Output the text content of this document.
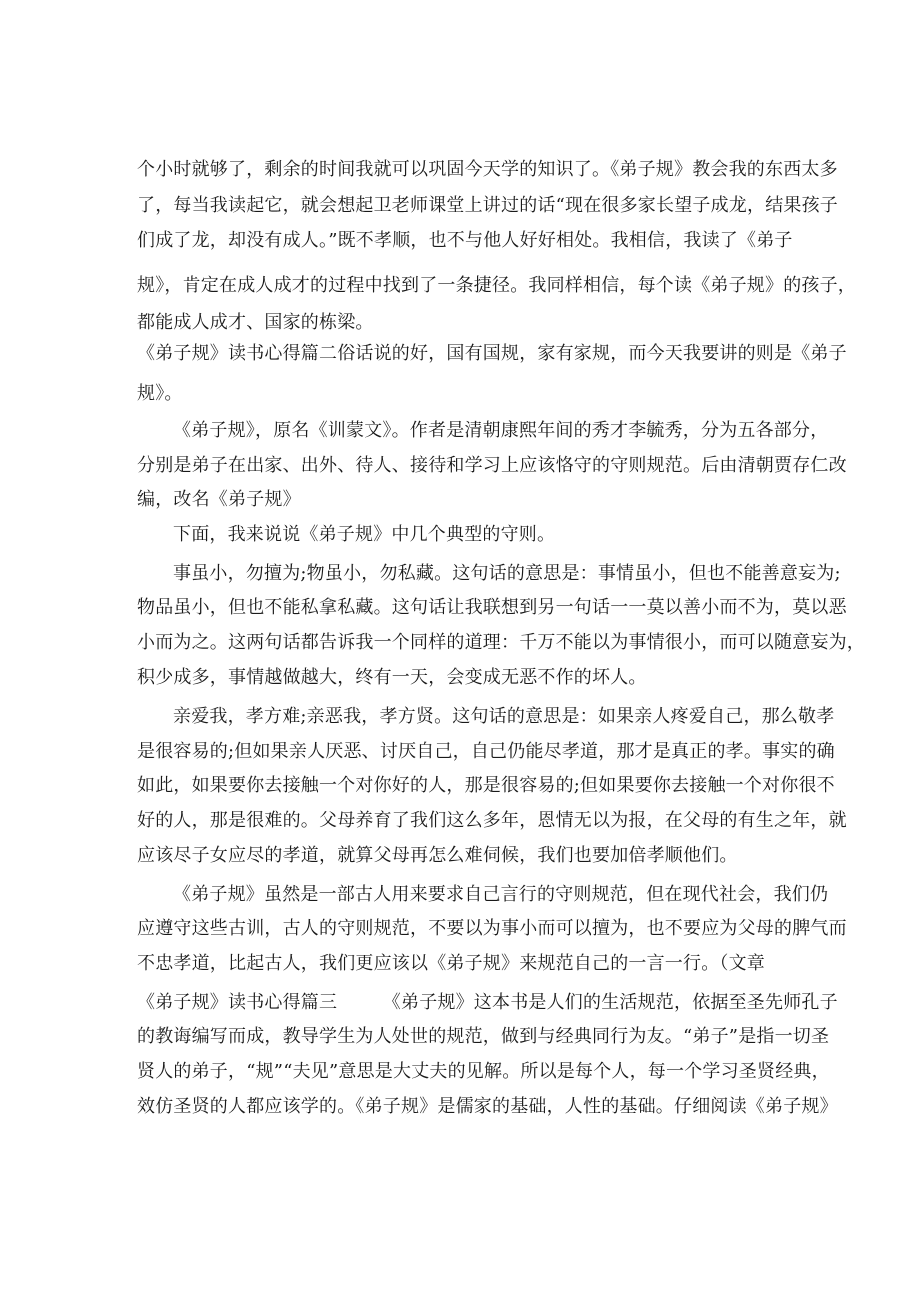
个小时就够了，剩余的时间我就可以巩固今天学的知识了。《弟子规》教会我的东西太多
了，每当我读起它，就会想起卫老师课堂上讲过的话“现在很多家长望子成龙，结果孩子
们成了龙，却没有成人。”既不孝顺，也不与他人好好相处。我相信，我读了《弟子
规》，肯定在成人成才的过程中找到了一条捷径。我同样相信，每个读《弟子规》的孩子，
都能成人成才、国家的栋梁。
《弟子规》读书心得篇二俗话说的好，国有国规，家有家规，而今天我要讲的则是《弟子
规》。
《弟子规》，原名《训蒙文》。作者是清朝康熙年间的秀才李毓秀，分为五各部分，
分别是弟子在出家、出外、待人、接待和学习上应该恪守的守则规范。后由清朝贾存仁改
编，改名《弟子规》
下面，我来说说《弟子规》中几个典型的守则。
事虽小，勿擅为;物虽小，勿私藏。这句话的意思是：事情虽小，但也不能善意妄为;
物品虽小，但也不能私拿私藏。这句话让我联想到另一句话一一莫以善小而不为，莫以恶
小而为之。这两句话都告诉我一个同样的道理：千万不能以为事情很小，而可以随意妄为，
积少成多，事情越做越大，终有一天，会变成无恶不作的坏人。
亲爱我，孝方难;亲恶我，孝方贤。这句话的意思是：如果亲人疼爱自己，那么敬孝
是很容易的;但如果亲人厌恶、讨厌自己，自己仍能尽孝道，那才是真正的孝。事实的确
如此，如果要你去接触一个对你好的人，那是很容易的;但如果要你去接触一个对你很不
好的人，那是很难的。父母养育了我们这么多年，恩情无以为报，在父母的有生之年，就
应该尽子女应尽的孝道，就算父母再怎么难伺候，我们也要加倍孝顺他们。
《弟子规》虽然是一部古人用来要求自己言行的守则规范，但在现代社会，我们仍
应遵守这些古训，古人的守则规范，不要以为事小而可以擅为，也不要应为父母的脾气而
不忠孝道，比起古人，我们更应该以《弟子规》来规范自己的一言一行。（文章
《弟子规》读书心得篇三　　　《弟子规》这本书是人们的生活规范，依据至圣先师孔子
的教诲编写而成，教导学生为人处世的规范，做到与经典同行为友。“弟子”是指一切圣
贤人的弟子，“规”“夫见”意思是大丈夫的见解。所以是每个人，每一个学习圣贤经典，
效仿圣贤的人都应该学的。《弟子规》是儒家的基础，人性的基础。仔细阅读《弟子规》
